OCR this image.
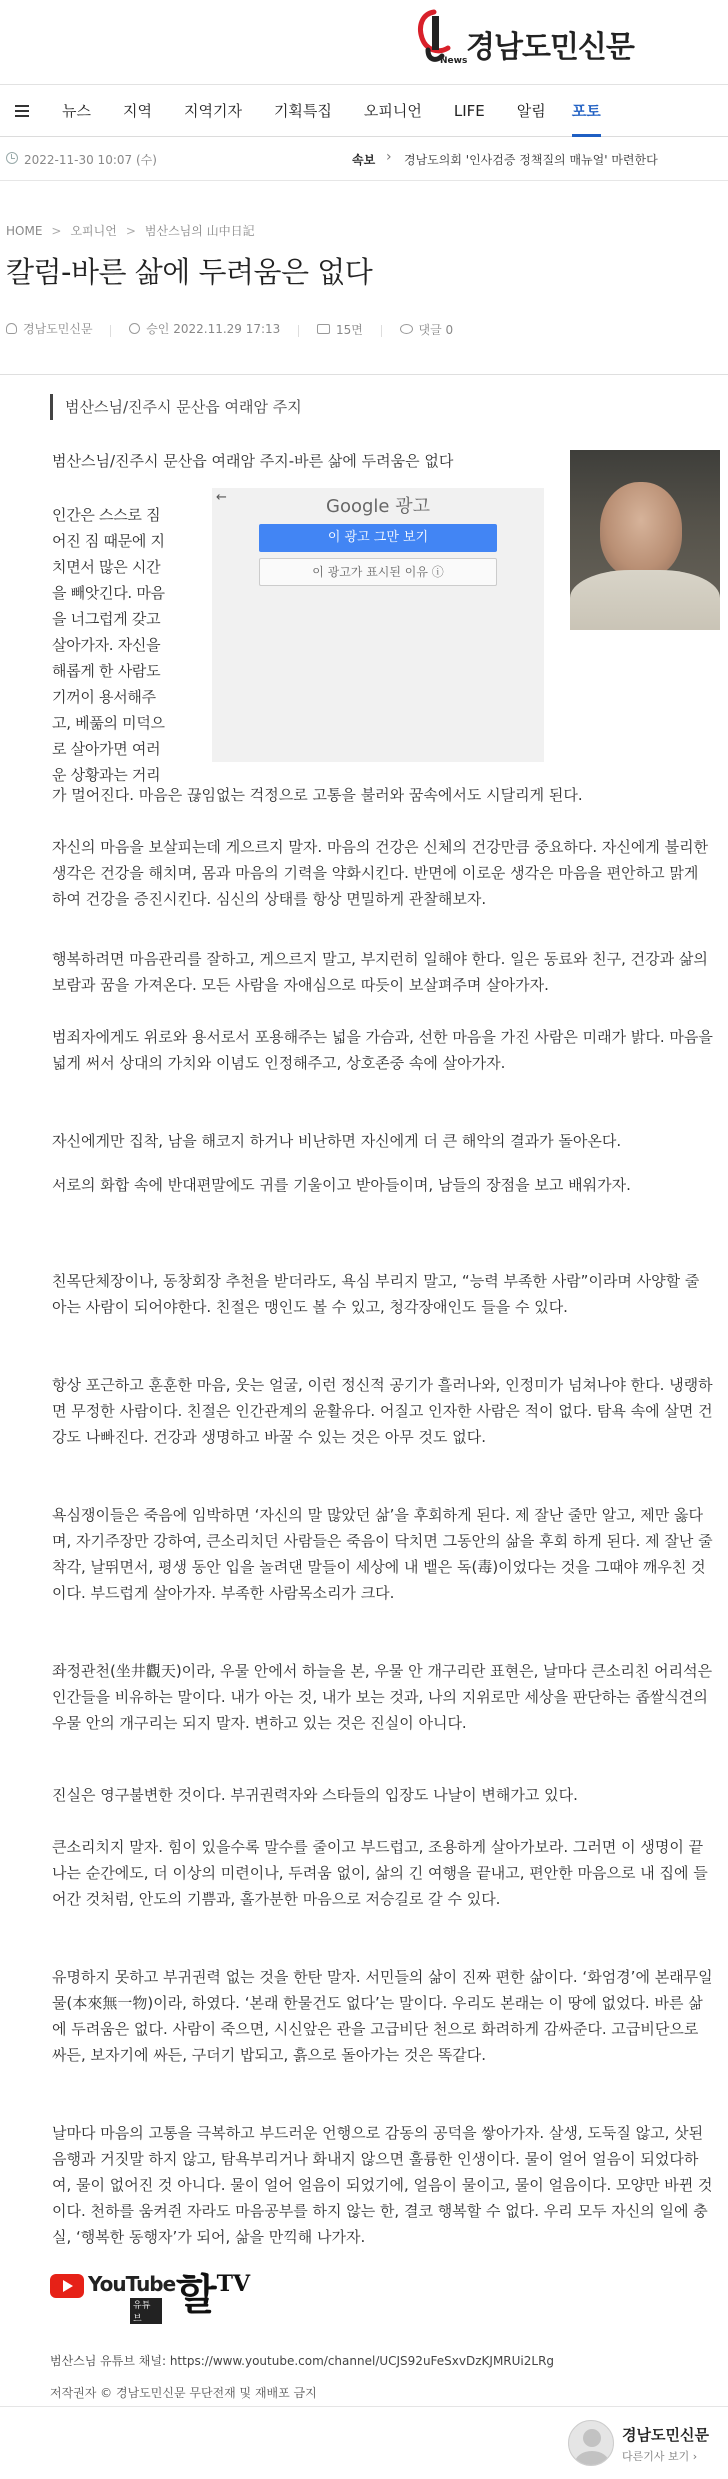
경남도민신문
News
뉴스 지역 지역기자 기획특집 오피니언 LIFE 알림 포토
2022-11-30 10:07 (수)	속보 › 경남도의회 '인사검증 정책질의 매뉴얼' 마련한다
HOME > 오피니언 > 범산스님의 山中日記
칼럼-바른 삶에 두려움은 없다
경남도민신문
	승인 2022.11.29 17:13
	15면
	댓글 0
범산스님/진주시 문산읍 여래암 주지
범산스님/진주시 문산읍 여래암 주지-바른 삶에 두려움은 없다

인간은 스스로 짐

어진 짐 때문에 지

치면서 많은 시간

을 빼앗긴다. 마음

을 너그럽게 갖고

살아가자. 자신을

해롭게 한 사람도

기꺼이 용서해주

고, 베풂의 미덕으

로 살아가면 여러

운 상황과는 거리

←	Google 광고
이 광고 그만 보기
이 광고가 표시된 이유 ⓘ
가 멀어진다. 마음은 끊임없는 걱정으로 고통을 불러와 꿈속에서도 시달리게 된다.
자신의 마음을 보살피는데 게으르지 말자. 마음의 건강은 신체의 건강만큼 중요하다. 자신에게 불리한 생각은 건강을 해치며, 몸과 마음의 기력을 약화시킨다. 반면에 이로운 생각은 마음을 편안하고 맑게 하여 건강을 증진시킨다. 심신의 상태를 항상 면밀하게 관찰해보자.
행복하려면 마음관리를 잘하고, 게으르지 말고, 부지런히 일해야 한다. 일은 동료와 친구, 건강과 삶의 보람과 꿈을 가져온다. 모든 사람을 자애심으로 따듯이 보살펴주며 살아가자.
범죄자에게도 위로와 용서로서 포용해주는 넓을 가슴과, 선한 마음을 가진 사람은 미래가 밝다. 마음을 넓게 써서 상대의 가치와 이념도 인정해주고, 상호존중 속에 살아가자.
자신에게만 집착, 남을 해코지 하거나 비난하면 자신에게 더 큰 해악의 결과가 돌아온다.
서로의 화합 속에 반대편말에도 귀를 기울이고 받아들이며, 남들의 장점을 보고 배워가자.
친목단체장이나, 동창회장 추천을 받더라도, 욕심 부리지 말고, “능력 부족한 사람”이라며 사양할 줄 아는 사람이 되어야한다. 친절은 맹인도 볼 수 있고, 청각장애인도 들을 수 있다.
항상 포근하고 훈훈한 마음, 웃는 얼굴, 이런 정신적 공기가 흘러나와, 인정미가 넘쳐나야 한다. 냉랭하면 무정한 사람이다. 친절은 인간관계의 윤활유다. 어질고 인자한 사람은 적이 없다. 탐욕 속에 살면 건강도 나빠진다. 건강과 생명하고 바꿀 수 있는 것은 아무 것도 없다.
욕심쟁이들은 죽음에 임박하면 ‘자신의 말 많았던 삶’을 후회하게 된다. 제 잘난 줄만 알고, 제만 옳다며, 자기주장만 강하여, 큰소리치던 사람들은 죽음이 닥치면 그동안의 삶을 후회 하게 된다. 제 잘난 줄 착각, 날뛰면서, 평생 동안 입을 놀려댄 말들이 세상에 내 뱉은 독(毒)이었다는 것을 그때야 깨우친 것이다. 부드럽게 살아가자. 부족한 사람목소리가 크다.
좌정관천(坐井觀天)이라, 우물 안에서 하늘을 본, 우물 안 개구리란 표현은, 날마다 큰소리친 어리석은 인간들을 비유하는 말이다. 내가 아는 것, 내가 보는 것과, 나의 지위로만 세상을 판단하는 좁쌀식견의 우물 안의 개구리는 되지 말자. 변하고 있는 것은 진실이 아니다.
진실은 영구불변한 것이다. 부귀권력자와 스타들의 입장도 나날이 변해가고 있다.
큰소리치지 말자. 힘이 있을수록 말수를 줄이고 부드럽고, 조용하게 살아가보라. 그러면 이 생명이 끝나는 순간에도, 더 이상의 미련이나, 두려움 없이, 삶의 긴 여행을 끝내고, 편안한 마음으로 내 집에 들어간 것처럼, 안도의 기쁨과, 홀가분한 마음으로 저승길로 갈 수 있다.
유명하지 못하고 부귀권력 없는 것을 한탄 말자. 서민들의 삶이 진짜 편한 삶이다. ‘화엄경’에 본래무일물(本來無一物)이라, 하였다. ‘본래 한물건도 없다’는 말이다. 우리도 본래는 이 땅에 없었다. 바른 삶에 두려움은 없다. 사람이 죽으면, 시신앞은 관을 고급비단 천으로 화려하게 감싸준다. 고급비단으로 싸든, 보자기에 싸든, 구더기 밥되고, 흙으로 돌아가는 것은 똑같다.
날마다 마음의 고통을 극복하고 부드러운 언행으로 감동의 공덕을 쌓아가자. 살생, 도둑질 않고, 삿된 음행과 거짓말 하지 않고, 탐욕부리거나 화내지 않으면 훌륭한 인생이다. 물이 얼어 얼음이 되었다하여, 물이 없어진 것 아니다. 물이 얼어 얼음이 되었기에, 얼음이 물이고, 물이 얼음이다. 모양만 바뀐 것이다. 천하를 움켜쥔 자라도 마음공부를 하지 않는 한, 결코 행복할 수 없다. 우리 모두 자신의 일에 충실, ‘행복한 동행자’가 되어, 삶을 만끽해 나가자.
YouTube
유튜브 할$^{TV}$
범산스님 유튜브 채널: https://www.youtube.com/channel/UCJS92uFeSxvDzKJMRUi2LRg
저작권자 © 경남도민신문 무단전재 및 재배포 금지
경남도민신문
다른기사 보기 ›
